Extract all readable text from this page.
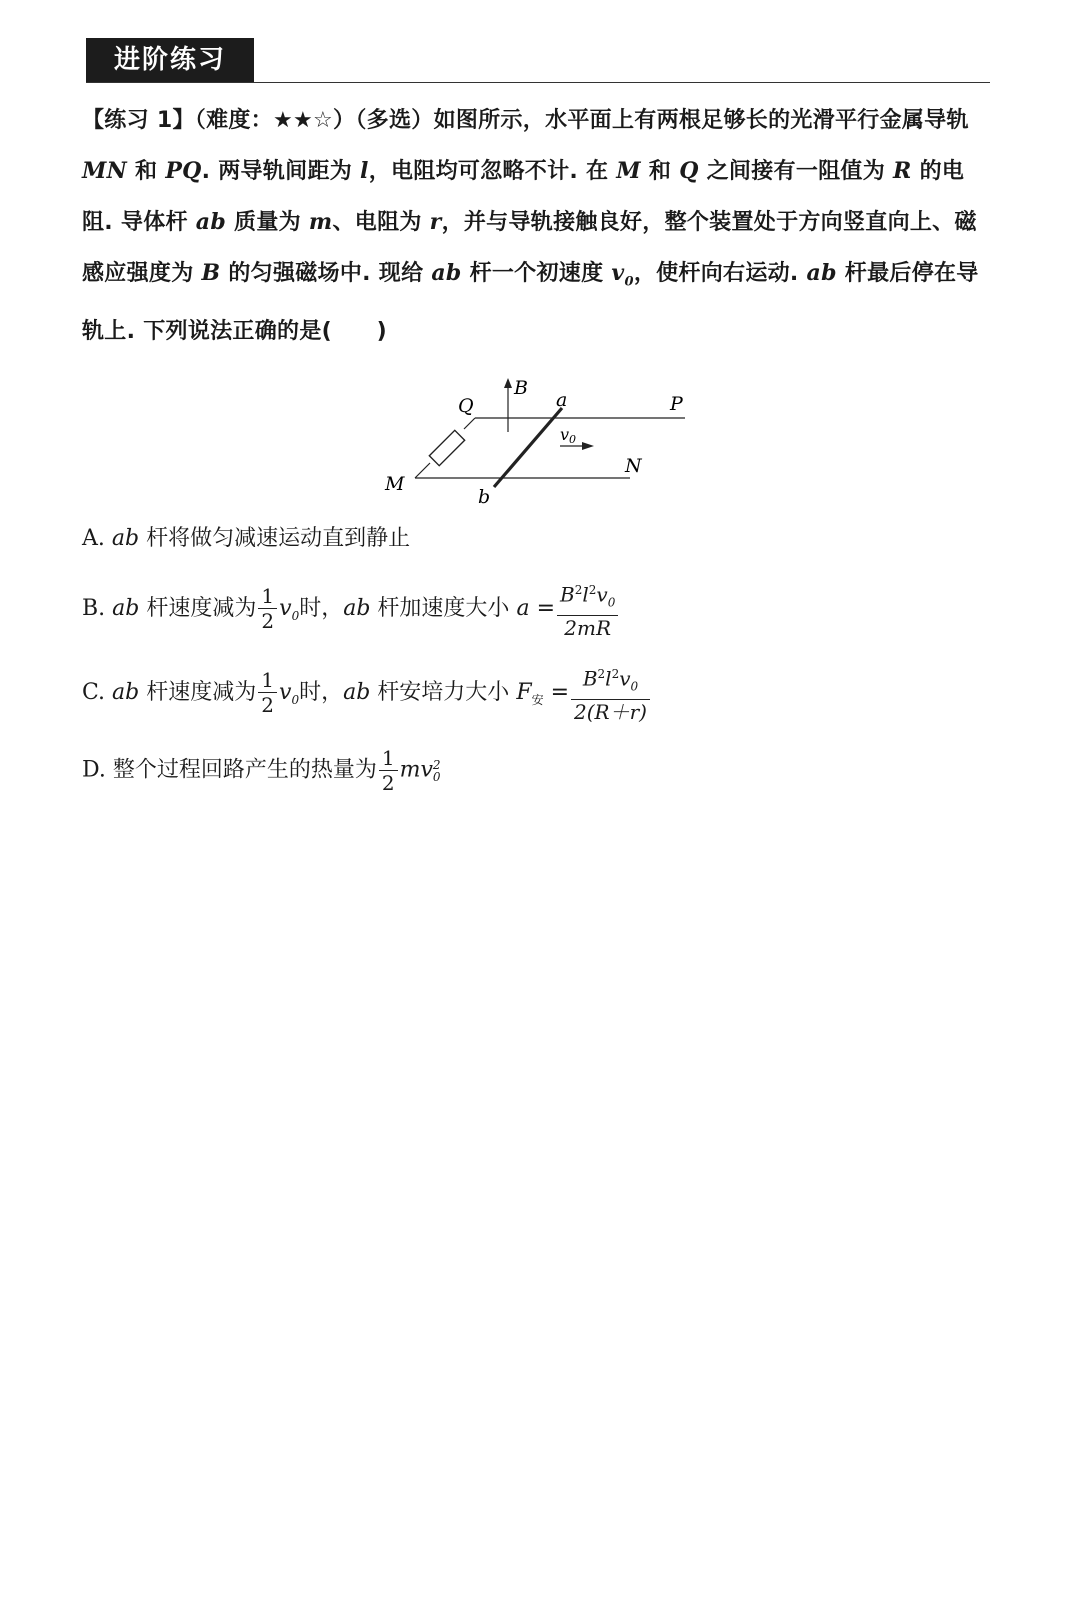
进阶练习
【练习 1】（难度：★★☆）（多选）如图所示，水平面上有两根足够长的光滑平行金属导轨 MN 和 PQ. 两导轨间距为 l，电阻均可忽略不计. 在 M 和 Q 之间接有一阻值为 R 的电阻. 导体杆 ab 质量为 m、电阻为 r，并与导轨接触良好，整个装置处于方向竖直向上、磁感应强度为 B 的匀强磁场中. 现给 ab 杆一个初速度 $v_0$，使杆向右运动. ab 杆最后停在导轨上. 下列说法正确的是(　　)
B
Q	a	P
v 0
N
M
b
A. ab 杆将做匀减速运动直到静止
B. ab 杆速度减为 $\frac{1}{2} v_0$时，ab 杆加速度大小 $a = \frac{B^2l^2v_0}{2mR}$
C. ab 杆速度减为 $\frac{1}{2} v_0$时，ab 杆安培力大小 $F_安 = \frac{B^2l^2v_0}{2(R+r)}$
D. 整个过程回路产生的热量为 $\frac{1}{2}$ mv 2
0
